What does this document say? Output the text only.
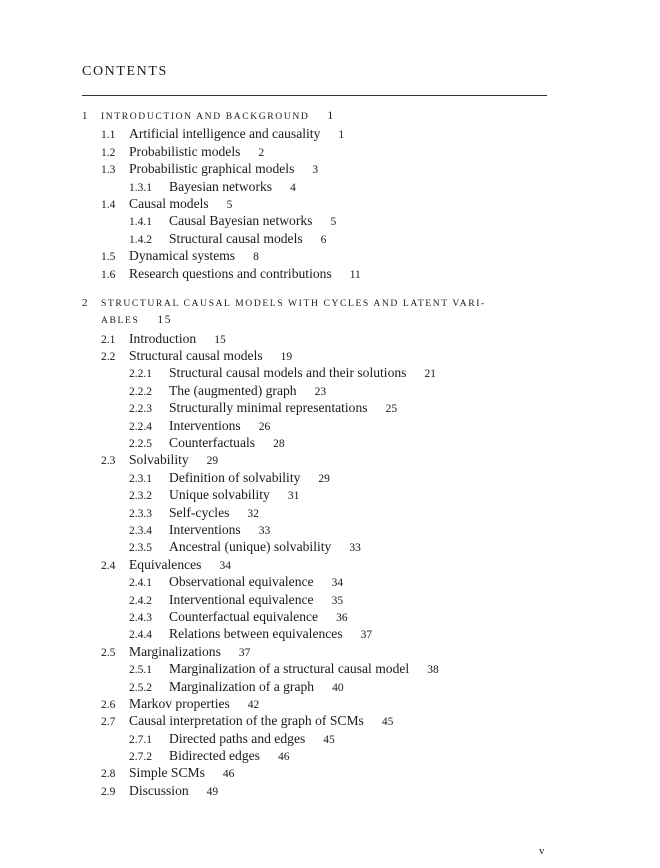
CONTENTS
1 INTRODUCTION AND BACKGROUND 1
1.1 Artificial intelligence and causality 1
1.2 Probabilistic models 2
1.3 Probabilistic graphical models 3
1.3.1 Bayesian networks 4
1.4 Causal models 5
1.4.1 Causal Bayesian networks 5
1.4.2 Structural causal models 6
1.5 Dynamical systems 8
1.6 Research questions and contributions 11
2 STRUCTURAL CAUSAL MODELS WITH CYCLES AND LATENT VARI-
ABLES 15
2.1 Introduction 15
2.2 Structural causal models 19
2.2.1 Structural causal models and their solutions 21
2.2.2 The (augmented) graph 23
2.2.3 Structurally minimal representations 25
2.2.4 Interventions 26
2.2.5 Counterfactuals 28
2.3 Solvability 29
2.3.1 Definition of solvability 29
2.3.2 Unique solvability 31
2.3.3 Self-cycles 32
2.3.4 Interventions 33
2.3.5 Ancestral (unique) solvability 33
2.4 Equivalences 34
2.4.1 Observational equivalence 34
2.4.2 Interventional equivalence 35
2.4.3 Counterfactual equivalence 36
2.4.4 Relations between equivalences 37
2.5 Marginalizations 37
2.5.1 Marginalization of a structural causal model 38
2.5.2 Marginalization of a graph 40
2.6 Markov properties 42
2.7 Causal interpretation of the graph of SCMs 45
2.7.1 Directed paths and edges 45
2.7.2 Bidirected edges 46
2.8 Simple SCMs 46
2.9 Discussion 49
v
